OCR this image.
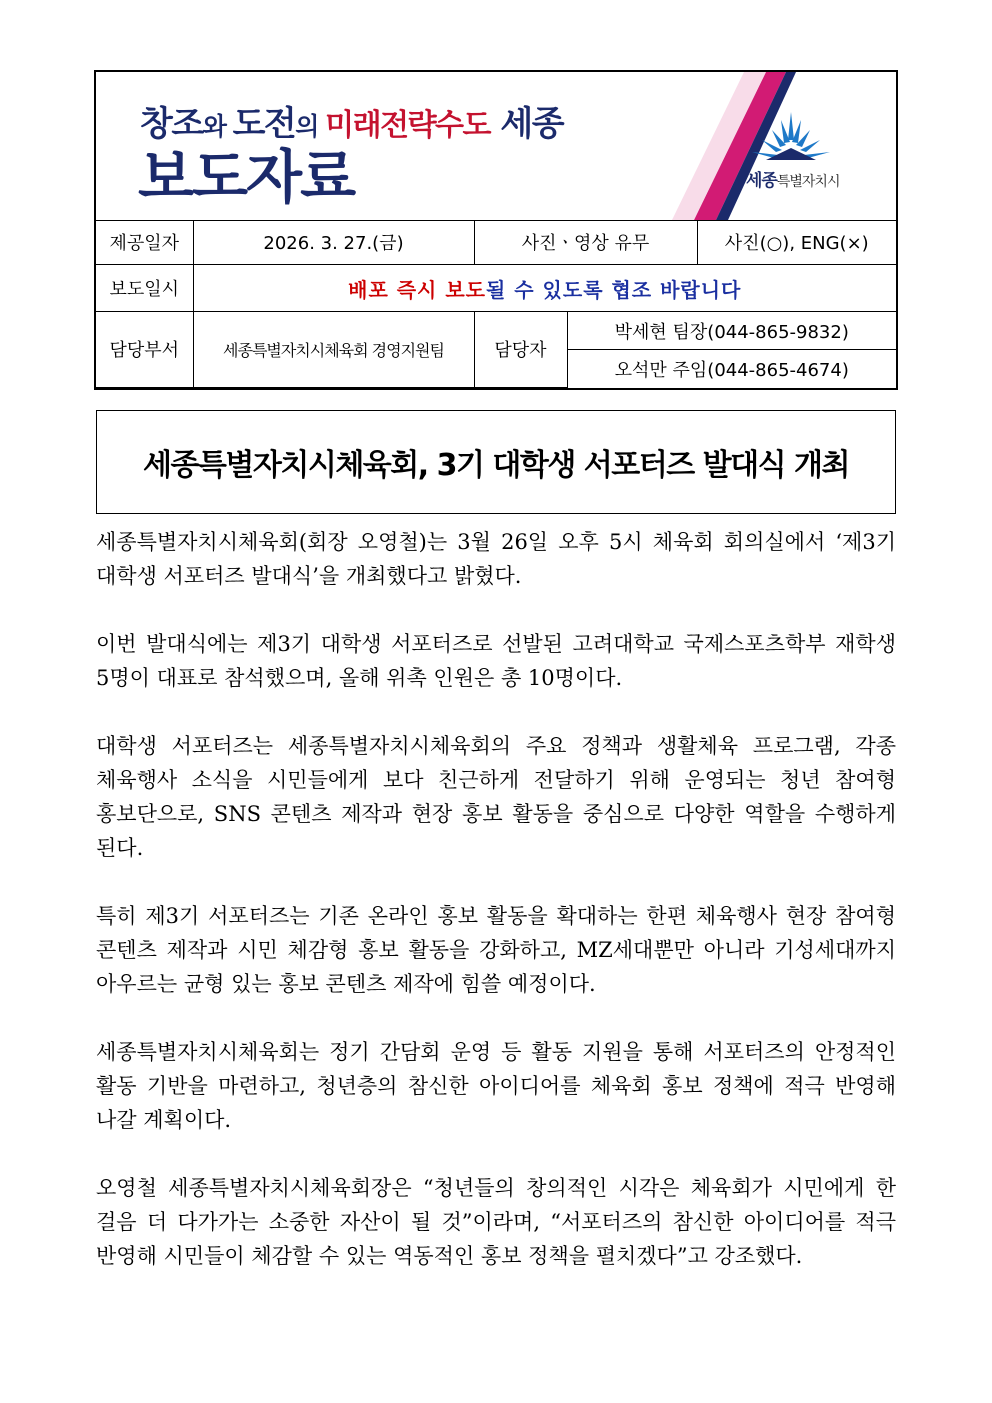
창조와 도전의 미래전략수도 세종
보도자료	세종특별자치시
제공일자	2026. 3. 27.(금)	사진ㆍ영상 유무		사진(○), ENG(×)
보도일시	배포 즉시 보도될 수 있도록 협조 바랍니다			
담당부서	세종특별자치시체육회 경영지원팀	담당자	박세현 팀장(044-865-9832)	
			오석만 주임(044-865-4674)	
세종특별자치시체육회, 3기 대학생 서포터즈 발대식 개최

세종특별자치시체육회(회장 오영철)는 3월 26일 오후 5시 체육회 회의실에서 ‘제3기 대학생 서포터즈 발대식’을 개최했다고 밝혔다.

이번 발대식에는 제3기 대학생 서포터즈로 선발된 고려대학교 국제스포츠학부 재학생 5명이 대표로 참석했으며, 올해 위촉 인원은 총 10명이다.

대학생 서포터즈는 세종특별자치시체육회의 주요 정책과 생활체육 프로그램, 각종 체육행사 소식을 시민들에게 보다 친근하게 전달하기 위해 운영되는 청년 참여형 홍보단으로, SNS 콘텐츠 제작과 현장 홍보 활동을 중심으로 다양한 역할을 수행하게 된다.

특히 제3기 서포터즈는 기존 온라인 홍보 활동을 확대하는 한편 체육행사 현장 참여형 콘텐츠 제작과 시민 체감형 홍보 활동을 강화하고, MZ세대뿐만 아니라 기성세대까지 아우르는 균형 있는 홍보 콘텐츠 제작에 힘쓸 예정이다.

세종특별자치시체육회는 정기 간담회 운영 등 활동 지원을 통해 서포터즈의 안정적인 활동 기반을 마련하고, 청년층의 참신한 아이디어를 체육회 홍보 정책에 적극 반영해 나갈 계획이다.

오영철 세종특별자치시체육회장은 “청년들의 창의적인 시각은 체육회가 시민에게 한 걸음 더 다가가는 소중한 자산이 될 것”이라며, “서포터즈의 참신한 아이디어를 적극 반영해 시민들이 체감할 수 있는 역동적인 홍보 정책을 펼치겠다”고 강조했다.
